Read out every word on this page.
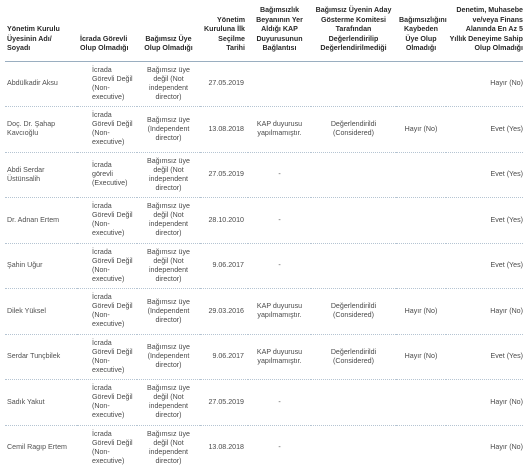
Yönetim Kurulu Üyesinin Adı/ Soyadı	İcrada Görevli Olup Olmadığı	Bağımsız Üye Olup Olmadığı	Yönetim Kuruluna İlk Seçilme Tarihi	Bağımsızlık Beyanının Yer Aldığı KAP Duyurusunun Bağlantısı	Bağımsız Üyenin Aday Gösterme Komitesi Tarafından Değerlendirilip Değerlendirilmediği	Bağımsızlığını Kaybeden Üye Olup Olmadığı	Denetim, Muhasebe ve/veya Finans Alanında En Az 5 Yıllık Deneyime Sahip Olup Olmadığı
Abdülkadir Aksu	İcrada Görevli Değil (Non-executive)	Bağımsız üye değil (Not independent director)	27.05.2019				Hayır (No)
Doç. Dr. Şahap Kavcıoğlu	İcrada Görevli Değil (Non-executive)	Bağımsız üye (Independent director)	13.08.2018	KAP duyurusu yapılmamıştır.	Değerlendirildi (Considered)	Hayır (No)	Evet (Yes)
Abdi Serdar Üstünsalih	İcrada görevli (Executive)	Bağımsız üye değil (Not independent director)	27.05.2019	-			Evet (Yes)
Dr. Adnan Ertem	İcrada Görevli Değil (Non-executive)	Bağımsız üye değil (Not independent director)	28.10.2010	-			Evet (Yes)
Şahin Uğur	İcrada Görevli Değil (Non-executive)	Bağımsız üye değil (Not independent director)	9.06.2017	-			Evet (Yes)
Dilek Yüksel	İcrada Görevli Değil (Non-executive)	Bağımsız üye (Independent director)	29.03.2016	KAP duyurusu yapılmamıştır.	Değerlendirildi (Considered)	Hayır (No)	Hayır (No)
Serdar Tunçbilek	İcrada Görevli Değil (Non-executive)	Bağımsız üye (Independent director)	9.06.2017	KAP duyurusu yapılmamıştır.	Değerlendirildi (Considered)	Hayır (No)	Evet (Yes)
Sadık Yakut	İcrada Görevli Değil (Non-executive)	Bağımsız üye değil (Not independent director)	27.05.2019	-			Hayır (No)
Cemil Ragıp Ertem	İcrada Görevli Değil (Non-executive)	Bağımsız üye değil (Not independent director)	13.08.2018	-			Hayır (No)
